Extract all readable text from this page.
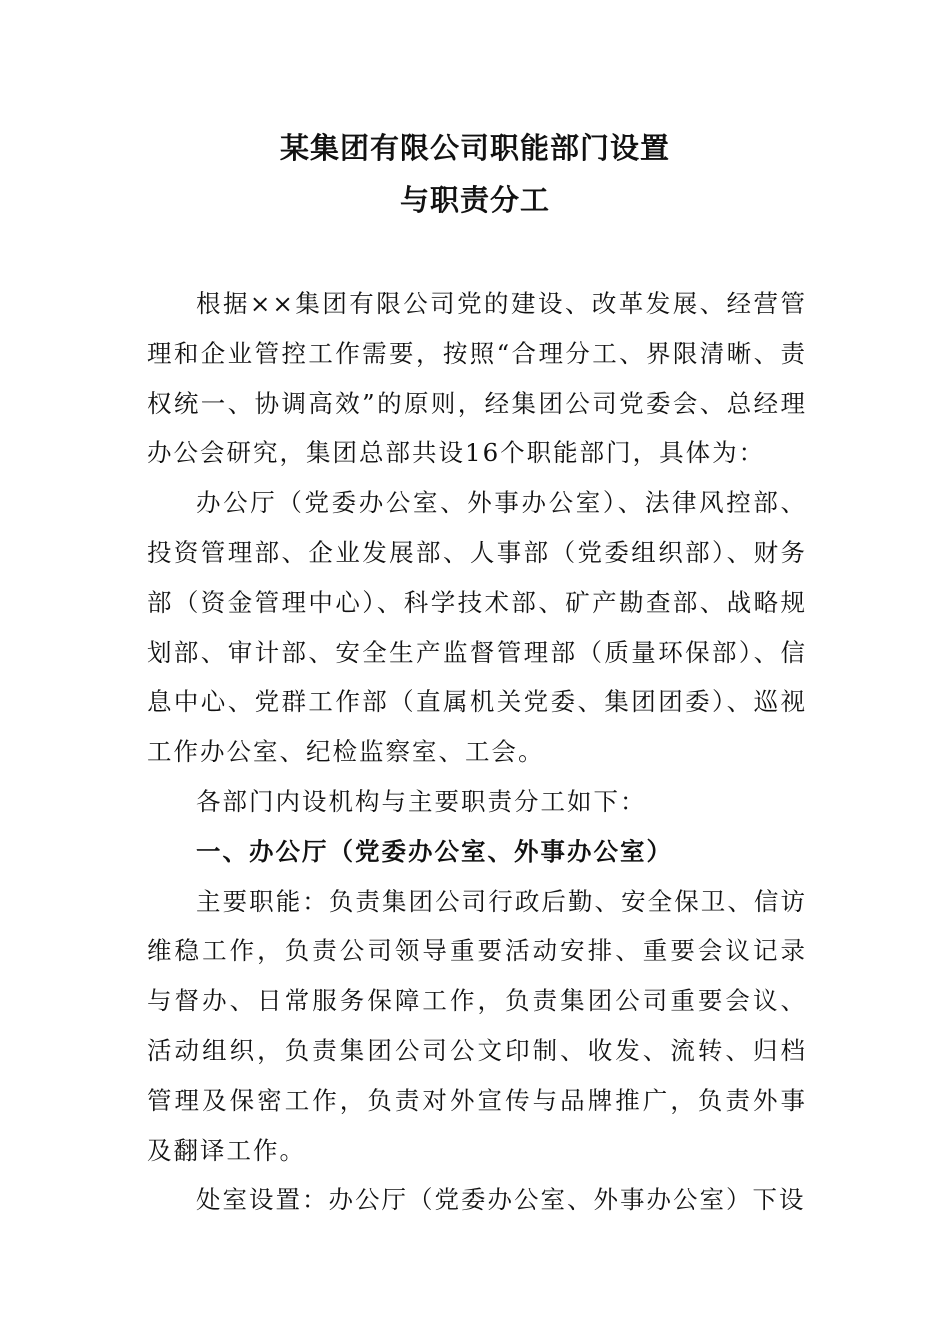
某集团有限公司职能部门设置
与职责分工

根据××集团有限公司党的建设、改革发展、经营管理和企业管控工作需要，按照“合理分工、界限清晰、责权统一、协调高效”的原则，经集团公司党委会、总经理办公会研究，集团总部共设16个职能部门，具体为：

办公厅（党委办公室、外事办公室）、法律风控部、投资管理部、企业发展部、人事部（党委组织部）、财务部（资金管理中心）、科学技术部、矿产勘查部、战略规划部、审计部、安全生产监督管理部（质量环保部）、信息中心、党群工作部（直属机关党委、集团团委）、巡视工作办公室、纪检监察室、工会。

各部门内设机构与主要职责分工如下：

一、办公厅（党委办公室、外事办公室）

主要职能：负责集团公司行政后勤、安全保卫、信访维稳工作，负责公司领导重要活动安排、重要会议记录与督办、日常服务保障工作，负责集团公司重要会议、活动组织，负责集团公司公文印制、收发、流转、归档管理及保密工作，负责对外宣传与品牌推广，负责外事及翻译工作。

处室设置：办公厅（党委办公室、外事办公室）下设
